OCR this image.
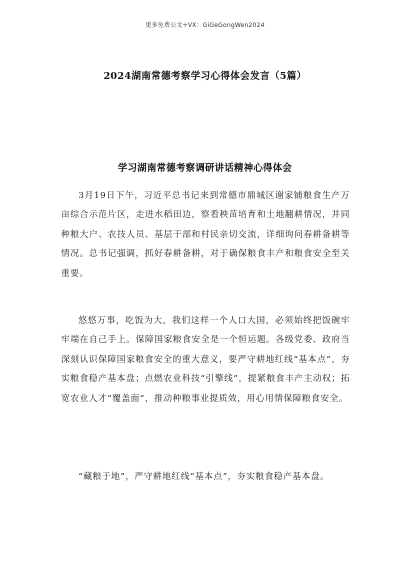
更多免费公文+VX：GiGeGongWen2024
2024湖南常德考察学习心得体会发言（5篇）
学习湖南常德考察调研讲话精神心得体会

3月19日下午，习近平总书记来到常德市鼎城区谢家铺粮食生产万亩综合示范片区，走进水稻田边，察看秧苗培育和土地翻耕情况，并同种粮大户、农技人员、基层干部和村民亲切交流，详细询问春耕备耕等情况。总书记强调，抓好春耕备耕，对于确保粮食丰产和粮食安全至关重要。

悠悠万事，吃饭为大，我们这样一个人口大国，必须始终把饭碗牢牢端在自己手上。保障国家粮食安全是一个恒运题。各级党委、政府当深刻认识保障国家粮食安全的重大意义，要严守耕地红线“基本点”，夯实粮食稳产基本盘；点燃农业科技“引擎线”，提紧粮食丰产主动权；拓宽农业人才“覆盖面”，推动种粮事业提质效，用心用情保障粮食安全。

“藏粮于地”，严守耕地红线“基本点”，夯实粮食稳产基本盘。
